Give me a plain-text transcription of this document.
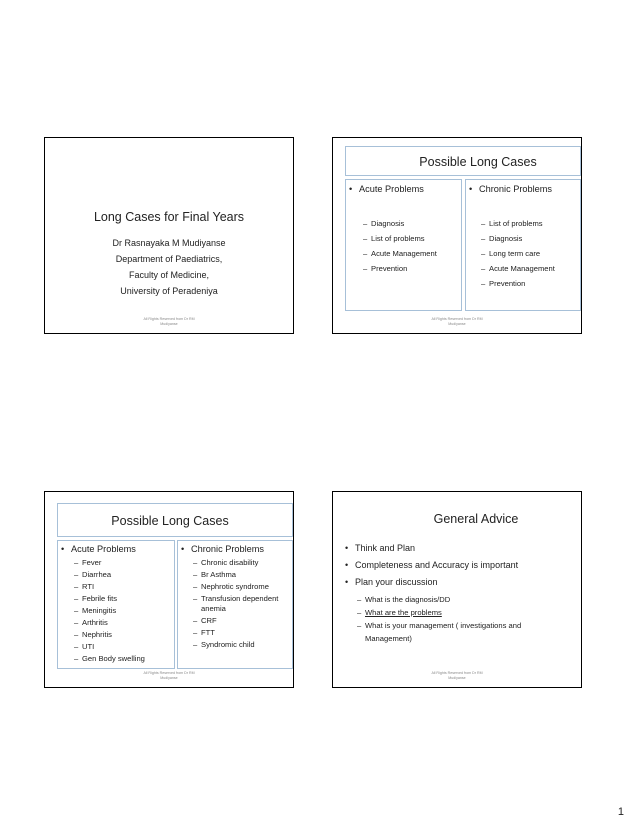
Long Cases for Final Years
Dr Rasnayaka M Mudiyanse
Department of Paediatrics,
Faculty of Medicine,
University of Peradeniya
All Rights Reserved from Dr RM
Mudiyanse
Possible Long Cases
• Acute Problems	• Chronic Problems
– Diagnosis
– List of problems
– Acute Management
– Prevention
– List of problems
– Diagnosis
– Long term care
– Acute Management
– Prevention
All Rights Reserved from Dr RM
Mudiyanse
Possible Long Cases
• Acute Problems	• Chronic Problems
– Fever
– Diarrhea
– RTI
– Febrile fits
– Meningitis
– Arthritis
– Nephritis
– UTI
– Gen Body swelling
– Chronic disability
– Br Asthma
– Nephrotic syndrome
– Transfusion dependent anemia
– CRF
– FTT
– Syndromic child
All Rights Reserved from Dr RM
Mudiyanse
General Advice
• Think and Plan
• Completeness and Accuracy is important
• Plan your discussion
– What is the diagnosis/DD
– What are the problems
– What is your management ( investigations and
Management)
All Rights Reserved from Dr RM
Mudiyanse
1
